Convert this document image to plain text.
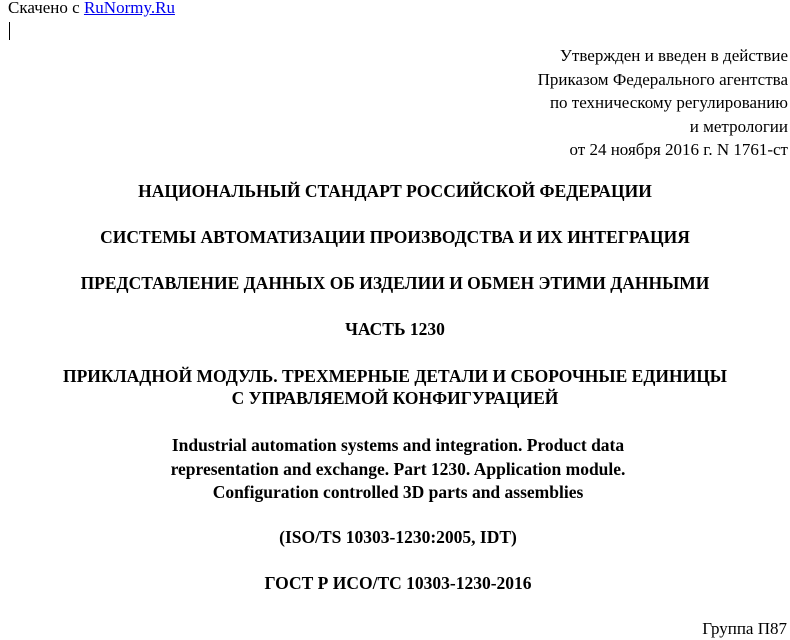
Скачено с RuNormy.Ru
Утвержден и введен в действие
Приказом Федерального агентства
по техническому регулированию
и метрологии
от 24 ноября 2016 г. N 1761-ст
НАЦИОНАЛЬНЫЙ СТАНДАРТ РОССИЙСКОЙ ФЕДЕРАЦИИ
СИСТЕМЫ АВТОМАТИЗАЦИИ ПРОИЗВОДСТВА И ИХ ИНТЕГРАЦИЯ
ПРЕДСТАВЛЕНИЕ ДАННЫХ ОБ ИЗДЕЛИИ И ОБМЕН ЭТИМИ ДАННЫМИ
ЧАСТЬ 1230
ПРИКЛАДНОЙ МОДУЛЬ. ТРЕХМЕРНЫЕ ДЕТАЛИ И СБОРОЧНЫЕ ЕДИНИЦЫ
С УПРАВЛЯЕМОЙ КОНФИГУРАЦИЕЙ
Industrial automation systems and integration. Product data
representation and exchange. Part 1230. Application module.
Configuration controlled 3D parts and assemblies
(ISO/TS 10303-1230:2005, IDT)
ГОСТ Р ИСО/ТС 10303-1230-2016
Группа П87
